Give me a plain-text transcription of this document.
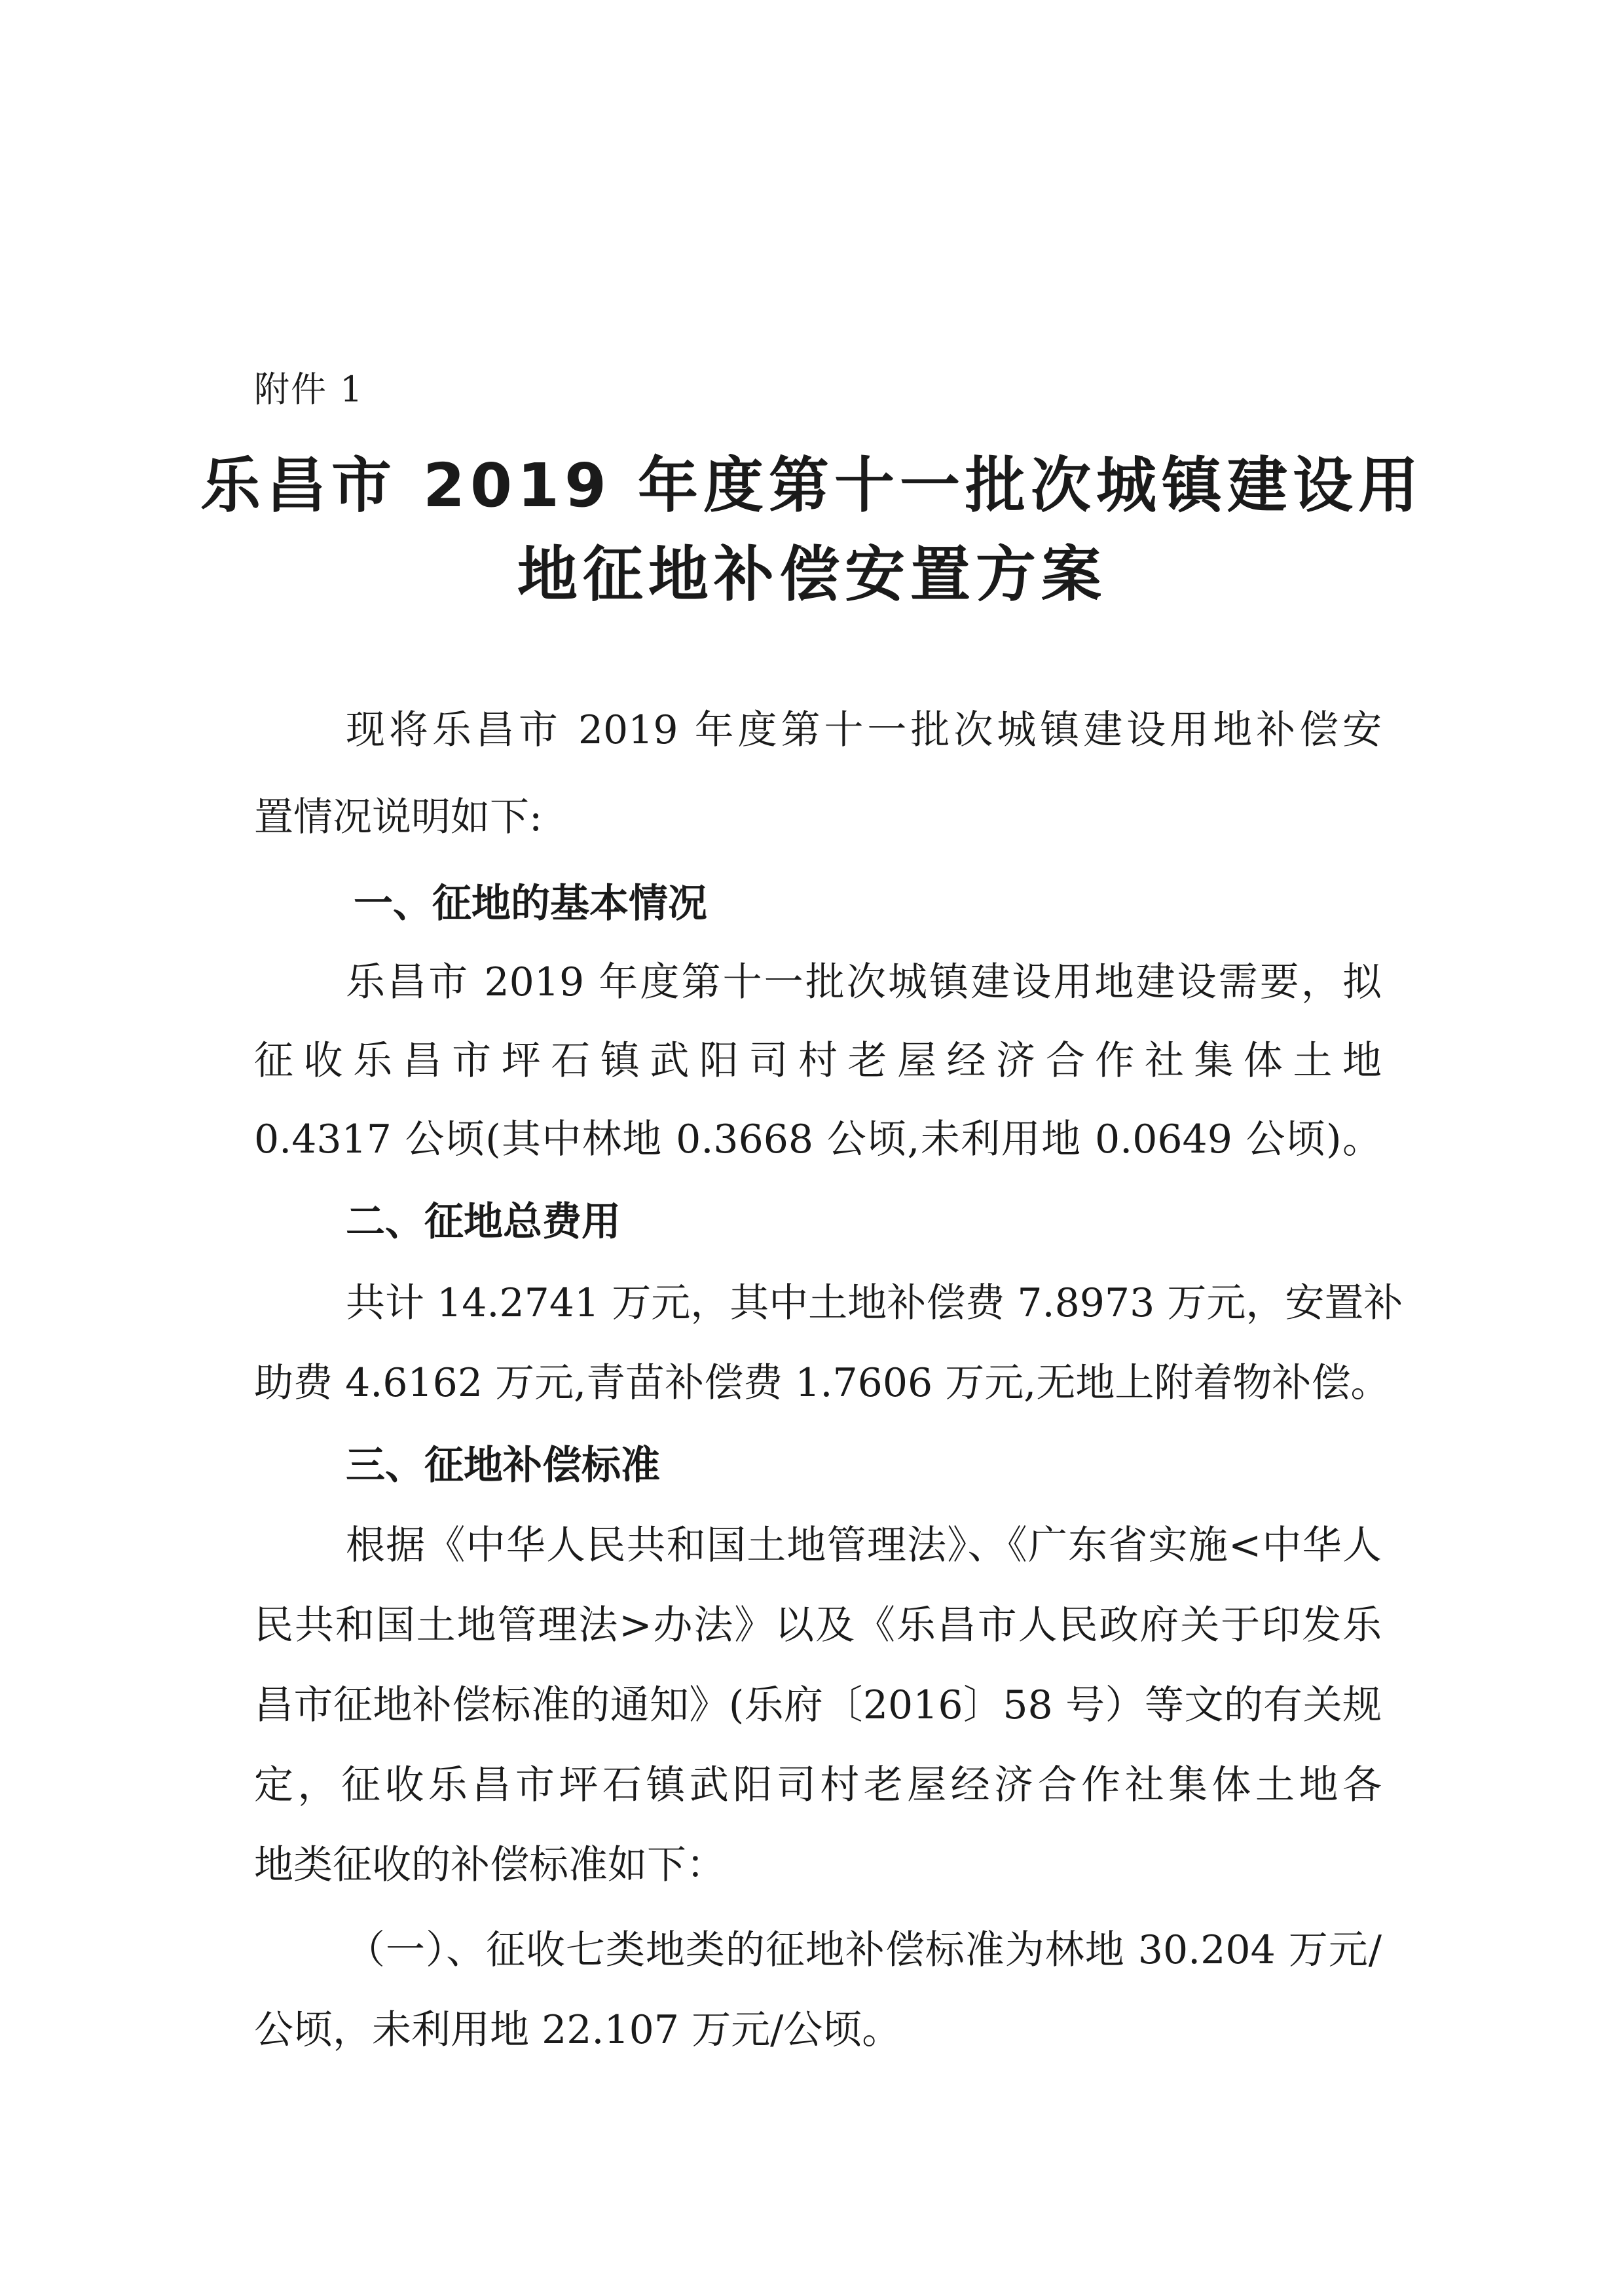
附件 1
乐昌市 2019 年度第十一批次城镇建设用
地征地补偿安置方案
现将乐昌市 2019 年度第十一批次城镇建设用地补偿安
置情况说明如下:
一、征地的基本情况
乐昌市 2019 年度第十一批次城镇建设用地建设需要，拟
征收乐昌市坪石镇武阳司村老屋经济合作社集体土地
0.4317 公顷(其中林地 0.3668 公顷,未利用地 0.0649 公顷)。
二、征地总费用
共计 14.2741 万元，其中土地补偿费 7.8973 万元，安置补
助费 4.6162 万元,青苗补偿费 1.7606 万元,无地上附着物补偿。
三、征地补偿标准
根据《中华人民共和国土地管理法》、《广东省实施<中华人
民共和国土地管理法>办法》以及《乐昌市人民政府关于印发乐
昌市征地补偿标准的通知》(乐府〔2016〕58 号）等文的有关规
定，征收乐昌市坪石镇武阳司村老屋经济合作社集体土地各
地类征收的补偿标准如下：
（一）、征收七类地类的征地补偿标准为林地 30.204 万元/
公顷，未利用地 22.107 万元/公顷。
